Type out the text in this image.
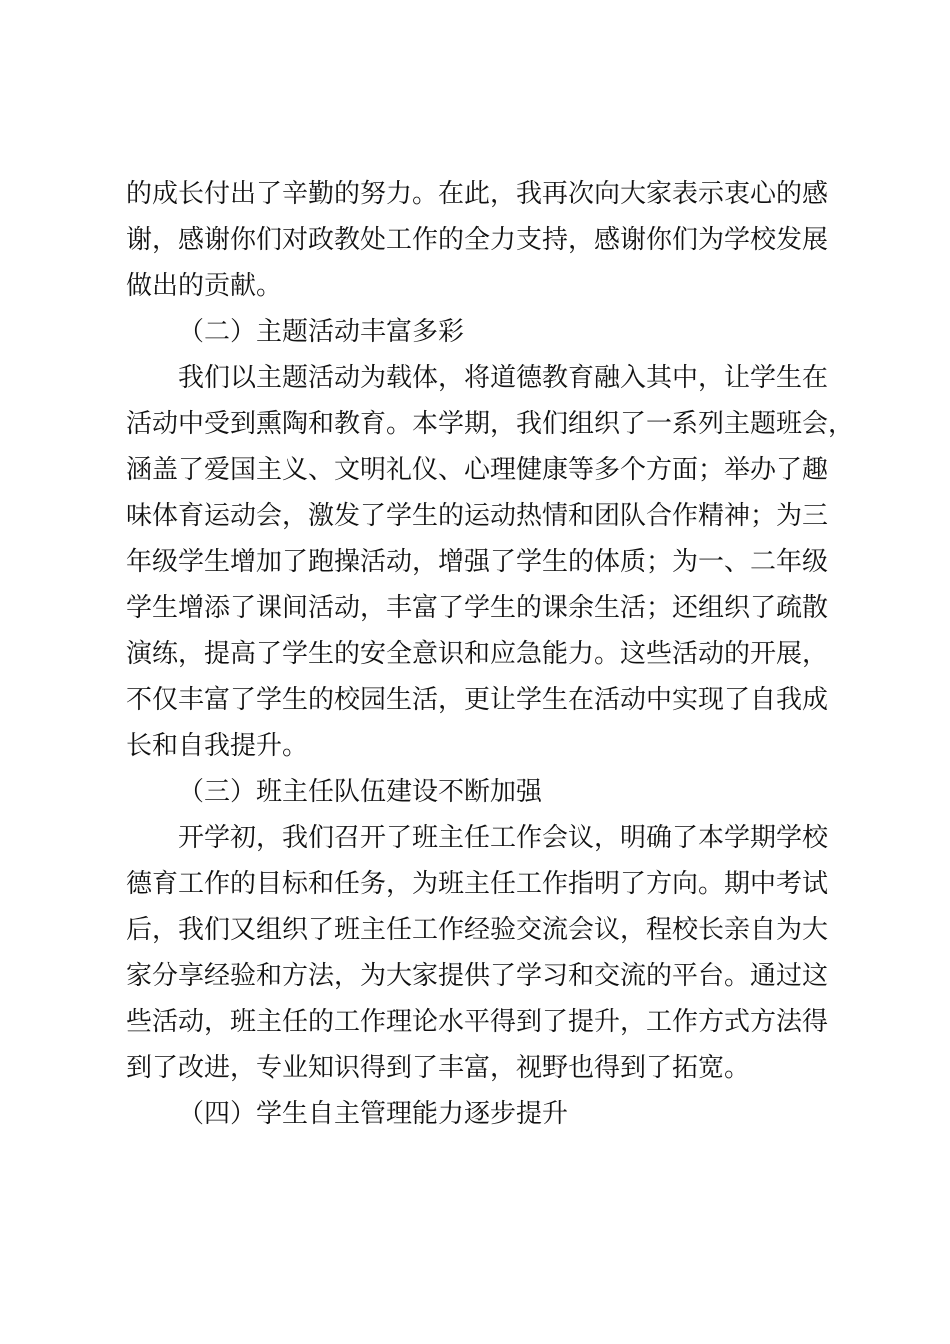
的成长付出了辛勤的努力。在此，我再次向大家表示衷心的感
谢，感谢你们对政教处工作的全力支持，感谢你们为学校发展
做出的贡献。
（二）主题活动丰富多彩
我们以主题活动为载体，将道德教育融入其中，让学生在
活动中受到熏陶和教育。本学期，我们组织了一系列主题班会，
涵盖了爱国主义、文明礼仪、心理健康等多个方面；举办了趣
味体育运动会，激发了学生的运动热情和团队合作精神；为三
年级学生增加了跑操活动，增强了学生的体质；为一、二年级
学生增添了课间活动，丰富了学生的课余生活；还组织了疏散
演练，提高了学生的安全意识和应急能力。这些活动的开展，
不仅丰富了学生的校园生活，更让学生在活动中实现了自我成
长和自我提升。
（三）班主任队伍建设不断加强
开学初，我们召开了班主任工作会议，明确了本学期学校
德育工作的目标和任务，为班主任工作指明了方向。期中考试
后，我们又组织了班主任工作经验交流会议，程校长亲自为大
家分享经验和方法，为大家提供了学习和交流的平台。通过这
些活动，班主任的工作理论水平得到了提升，工作方式方法得
到了改进，专业知识得到了丰富，视野也得到了拓宽。
（四）学生自主管理能力逐步提升
